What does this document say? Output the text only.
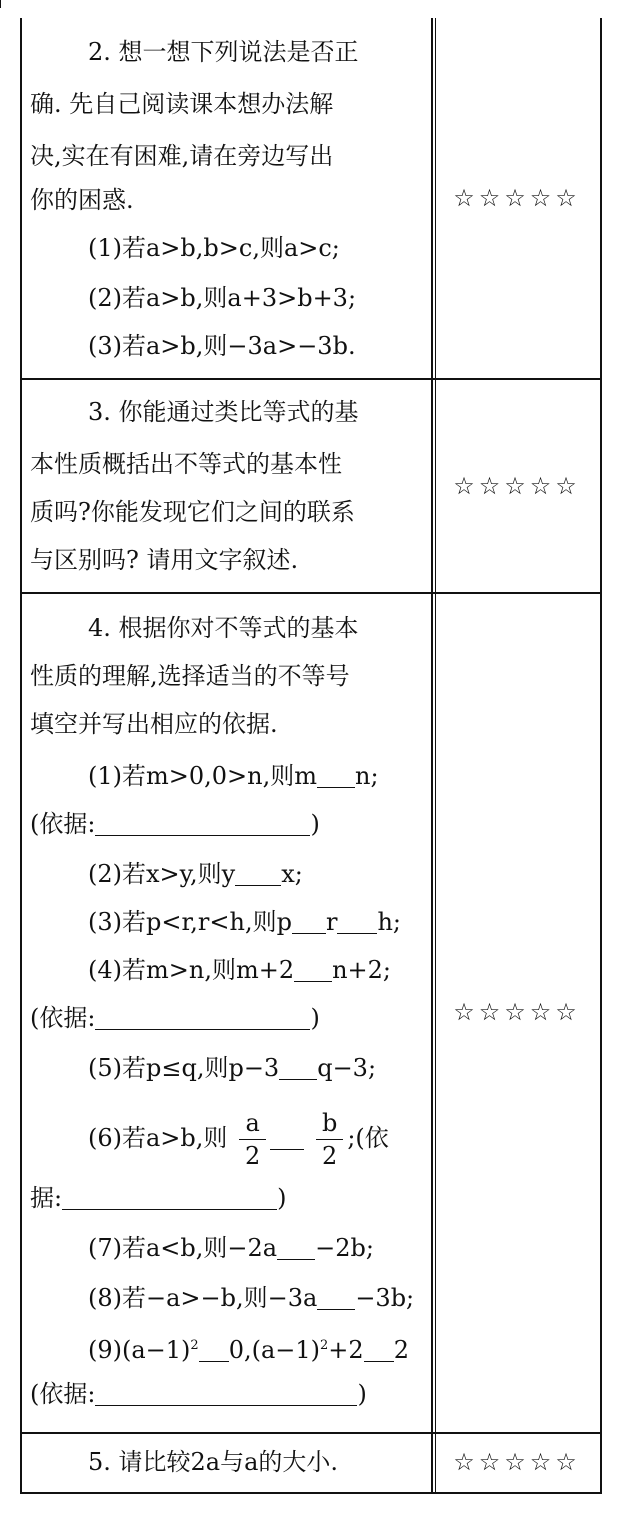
2. 想一想下列说法是否正
确. 先自己阅读课本想办法解
决,实在有困难,请在旁边写出
你的困惑.
(1)若a>b,b>c,则a>c;
(2)若a>b,则a+3>b+3;
(3)若a>b,则−3a>−3b.
☆☆☆☆☆
3. 你能通过类比等式的基
本性质概括出不等式的基本性
质吗?你能发现它们之间的联系
与区别吗? 请用文字叙述.
☆☆☆☆☆
4. 根据你对不等式的基本
性质的理解,选择适当的不等号
填空并写出相应的依据.
(1)若m>0,0>n,则m n;
(依据:	)
(2)若x>y,则y x;
(3)若p<r,r<h,则p r h;
(4)若m>n,则m+2 n+2;
(依据:	)
(5)若p≤q,则p−3 q−3;
(6)若a>b,则 $\frac{a}{2}$
$\frac{b}{2}$ ;(依
据:	)
(7)若a<b,则−2a −2b;
(8)若−a>−b,则−3a −3b;
$(9)(a-1)^2$ $0,(a-1)^2+2$ 2
(依据:	)
☆☆☆☆☆
5. 请比较2a与a的大小.	☆☆☆☆☆
